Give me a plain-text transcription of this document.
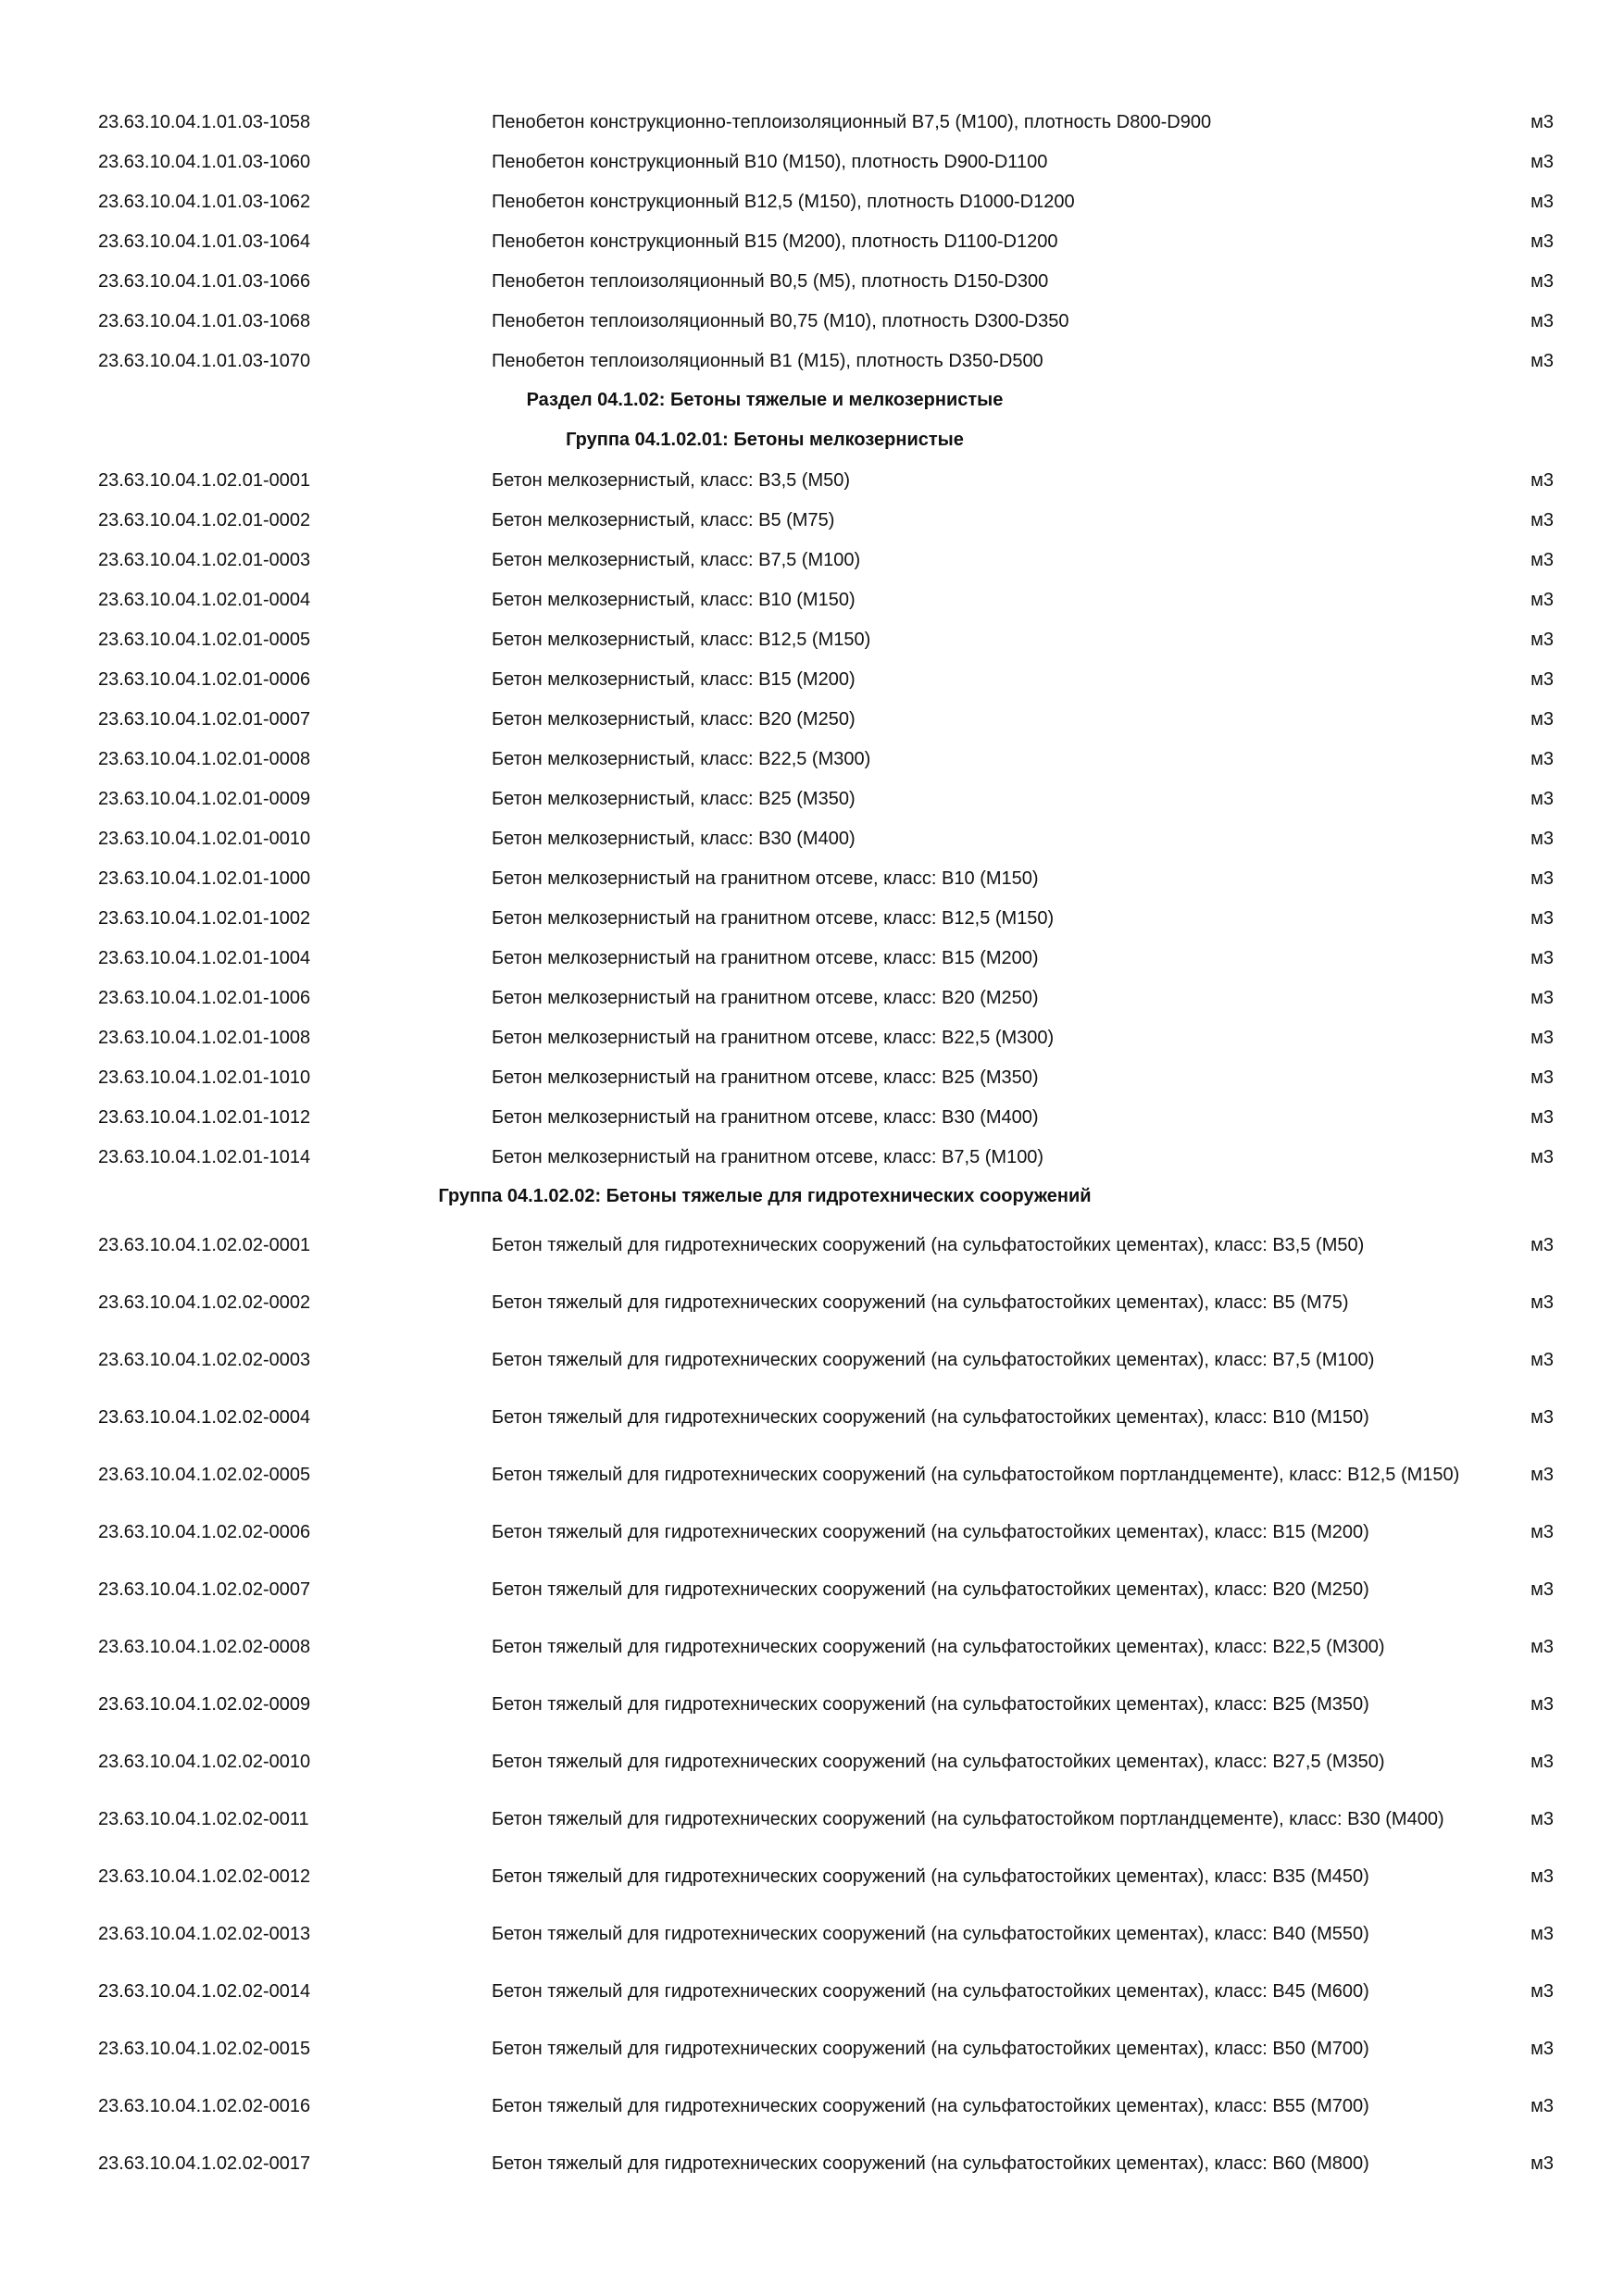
23.63.10.04.1.01.03-1058	Пенобетон конструкционно-теплоизоляционный В7,5 (М100), плотность D800-D900	м3
23.63.10.04.1.01.03-1060	Пенобетон конструкционный В10 (М150), плотность D900-D1100	м3
23.63.10.04.1.01.03-1062	Пенобетон конструкционный В12,5 (М150), плотность D1000-D1200	м3
23.63.10.04.1.01.03-1064	Пенобетон конструкционный В15 (М200), плотность D1100-D1200	м3
23.63.10.04.1.01.03-1066	Пенобетон теплоизоляционный В0,5 (М5), плотность D150-D300	м3
23.63.10.04.1.01.03-1068	Пенобетон теплоизоляционный В0,75 (М10), плотность D300-D350	м3
23.63.10.04.1.01.03-1070	Пенобетон теплоизоляционный В1 (М15), плотность D350-D500	м3
Раздел 04.1.02: Бетоны тяжелые и мелкозернистые
Группа 04.1.02.01: Бетоны мелкозернистые
23.63.10.04.1.02.01-0001	Бетон мелкозернистый, класс: В3,5 (М50)	м3
23.63.10.04.1.02.01-0002	Бетон мелкозернистый, класс: В5 (М75)	м3
23.63.10.04.1.02.01-0003	Бетон мелкозернистый, класс: В7,5 (М100)	м3
23.63.10.04.1.02.01-0004	Бетон мелкозернистый, класс: В10 (М150)	м3
23.63.10.04.1.02.01-0005	Бетон мелкозернистый, класс: В12,5 (М150)	м3
23.63.10.04.1.02.01-0006	Бетон мелкозернистый, класс: В15 (М200)	м3
23.63.10.04.1.02.01-0007	Бетон мелкозернистый, класс: В20 (М250)	м3
23.63.10.04.1.02.01-0008	Бетон мелкозернистый, класс: В22,5 (М300)	м3
23.63.10.04.1.02.01-0009	Бетон мелкозернистый, класс: В25 (М350)	м3
23.63.10.04.1.02.01-0010	Бетон мелкозернистый, класс: В30 (М400)	м3
23.63.10.04.1.02.01-1000	Бетон мелкозернистый на гранитном отсеве, класс: В10 (М150)	м3
23.63.10.04.1.02.01-1002	Бетон мелкозернистый на гранитном отсеве, класс: В12,5 (М150)	м3
23.63.10.04.1.02.01-1004	Бетон мелкозернистый на гранитном отсеве, класс: В15 (М200)	м3
23.63.10.04.1.02.01-1006	Бетон мелкозернистый на гранитном отсеве, класс: В20 (М250)	м3
23.63.10.04.1.02.01-1008	Бетон мелкозернистый на гранитном отсеве, класс: В22,5 (М300)	м3
23.63.10.04.1.02.01-1010	Бетон мелкозернистый на гранитном отсеве, класс: В25 (М350)	м3
23.63.10.04.1.02.01-1012	Бетон мелкозернистый на гранитном отсеве, класс: В30 (М400)	м3
23.63.10.04.1.02.01-1014	Бетон мелкозернистый на гранитном отсеве, класс: В7,5 (М100)	м3
Группа 04.1.02.02: Бетоны тяжелые для гидротехнических сооружений
23.63.10.04.1.02.02-0001	Бетон тяжелый для гидротехнических сооружений (на сульфатостойких цементах), класс: В3,5 (М50)	м3
23.63.10.04.1.02.02-0002	Бетон тяжелый для гидротехнических сооружений (на сульфатостойких цементах), класс: В5 (М75)	м3
23.63.10.04.1.02.02-0003	Бетон тяжелый для гидротехнических сооружений (на сульфатостойких цементах), класс: В7,5 (М100)	м3
23.63.10.04.1.02.02-0004	Бетон тяжелый для гидротехнических сооружений (на сульфатостойких цементах), класс: В10 (М150)	м3
23.63.10.04.1.02.02-0005	Бетон тяжелый для гидротехнических сооружений (на сульфатостойком портландцементе), класс: В12,5 (М150)	м3
23.63.10.04.1.02.02-0006	Бетон тяжелый для гидротехнических сооружений (на сульфатостойких цементах), класс: В15 (М200)	м3
23.63.10.04.1.02.02-0007	Бетон тяжелый для гидротехнических сооружений (на сульфатостойких цементах), класс: В20 (М250)	м3
23.63.10.04.1.02.02-0008	Бетон тяжелый для гидротехнических сооружений (на сульфатостойких цементах), класс: В22,5 (М300)	м3
23.63.10.04.1.02.02-0009	Бетон тяжелый для гидротехнических сооружений (на сульфатостойких цементах), класс: В25 (М350)	м3
23.63.10.04.1.02.02-0010	Бетон тяжелый для гидротехнических сооружений (на сульфатостойких цементах), класс: В27,5 (М350)	м3
23.63.10.04.1.02.02-0011	Бетон тяжелый для гидротехнических сооружений (на сульфатостойком портландцементе), класс: В30 (М400)	м3
23.63.10.04.1.02.02-0012	Бетон тяжелый для гидротехнических сооружений (на сульфатостойких цементах), класс: В35 (М450)	м3
23.63.10.04.1.02.02-0013	Бетон тяжелый для гидротехнических сооружений (на сульфатостойких цементах), класс: В40 (М550)	м3
23.63.10.04.1.02.02-0014	Бетон тяжелый для гидротехнических сооружений (на сульфатостойких цементах), класс: В45 (М600)	м3
23.63.10.04.1.02.02-0015	Бетон тяжелый для гидротехнических сооружений (на сульфатостойких цементах), класс: В50 (М700)	м3
23.63.10.04.1.02.02-0016	Бетон тяжелый для гидротехнических сооружений (на сульфатостойких цементах), класс: В55 (М700)	м3
23.63.10.04.1.02.02-0017	Бетон тяжелый для гидротехнических сооружений (на сульфатостойких цементах), класс: В60 (М800)	м3
